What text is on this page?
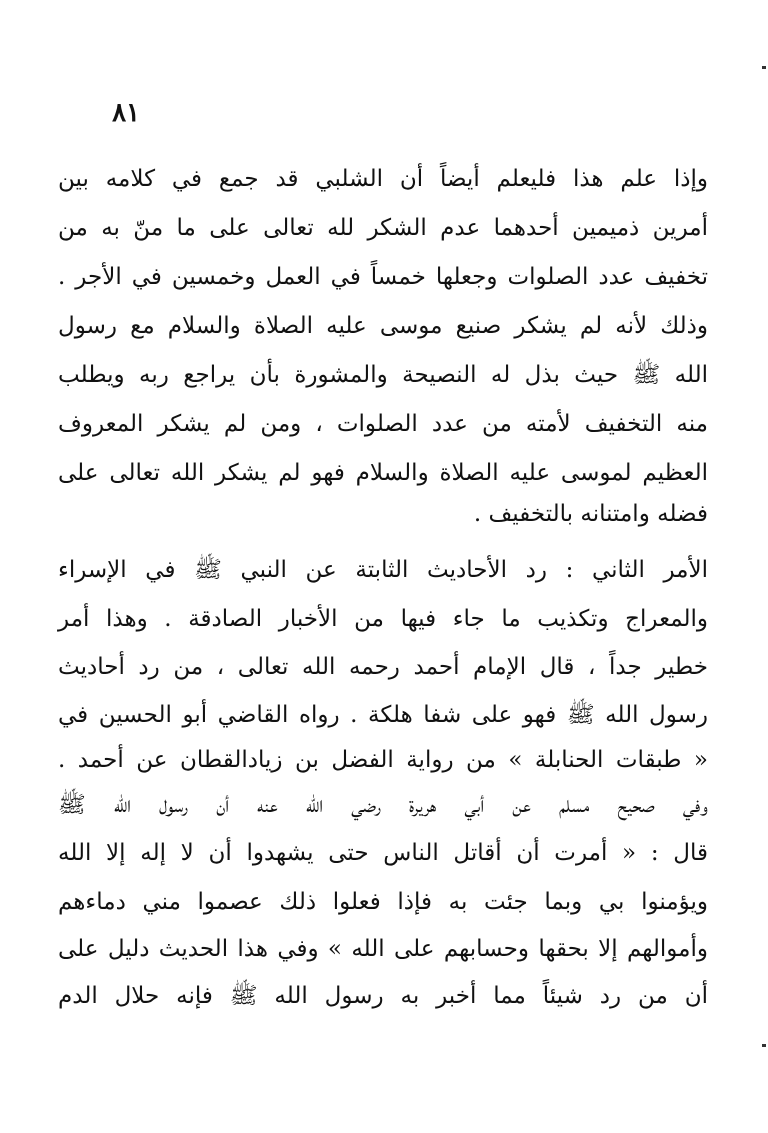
٨١
وإذا علم هذا فليعلم أيضاً أن الشلبي قد جمع في كلامه بين
أمرين ذميمين أحدهما عدم الشكر لله تعالى على ما منّ به من
تخفيف عدد الصلوات وجعلها خمساً في العمل وخمسين في الأجر .
وذلك لأنه لم يشكر صنيع موسى عليه الصلاة والسلام مع رسول
الله ﷺ حيث بذل له النصيحة والمشورة بأن يراجع ربه ويطلب
منه التخفيف لأمته من عدد الصلوات ، ومن لم يشكر المعروف
العظيم لموسى عليه الصلاة والسلام فهو لم يشكر الله تعالى على
فضله وامتنانه بالتخفيف .
الأمر الثاني : رد الأحاديث الثابتة عن النبي ﷺ في الإسراء
والمعراج وتكذيب ما جاء فيها من الأخبار الصادقة . وهذا أمر
خطير جداً ، قال الإمام أحمد رحمه الله تعالى ، من رد أحاديث
رسول الله ﷺ فهو على شفا هلكة . رواه القاضي أبو الحسين في
« طبقات الحنابلة » من رواية الفضل بن زيادالقطان عن أحمد .
وفي صحيح مسلم عن أبي هريرة رضي الله عنه أن رسول الله ﷺ
قال : « أمرت أن أقاتل الناس حتى يشهدوا أن لا إله إلا الله
ويؤمنوا بي وبما جئت به فإذا فعلوا ذلك عصموا مني دماءهم
وأموالهم إلا بحقها وحسابهم على الله » وفي هذا الحديث دليل على
أن من رد شيئاً مما أخبر به رسول الله ﷺ فإنه حلال الدم
